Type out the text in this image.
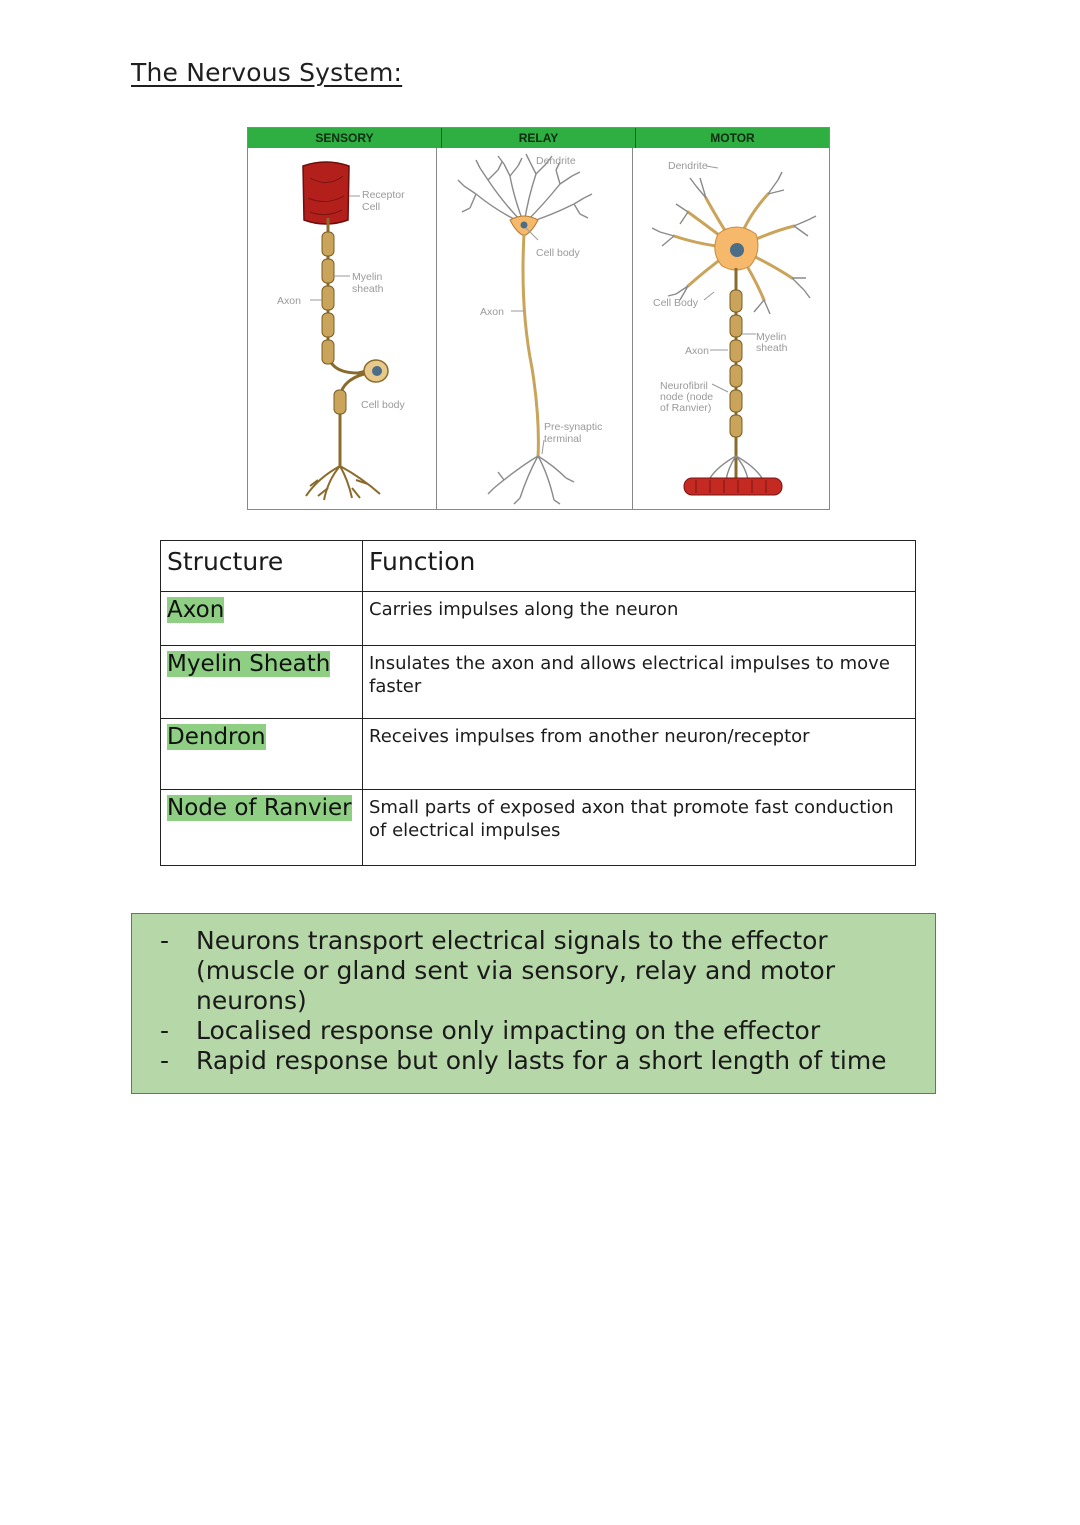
The Nervous System:
Receptor
Cell
Myelin
sheath
Axon
Cell body
Dendrite
Cell body
Axon
Pre-synaptic
terminal
Dendrite
Cell Body
Myelin
sheath
Axon
Neurofibril
node (node
of Ranvier)
SENSORY	RELAY	MOTOR
Structure	Function
Axon	Carries impulses along the neuron
Myelin Sheath	Insulates the axon and allows electrical impulses to move faster
Dendron	Receives impulses from another neuron/receptor
Node of Ranvier	Small parts of exposed axon that promote fast conduction of electrical impulses
- Neurons transport electrical signals to the effector (muscle or gland sent via sensory, relay and motor neurons)
- Localised response only impacting on the effector
- Rapid response but only lasts for a short length of time
